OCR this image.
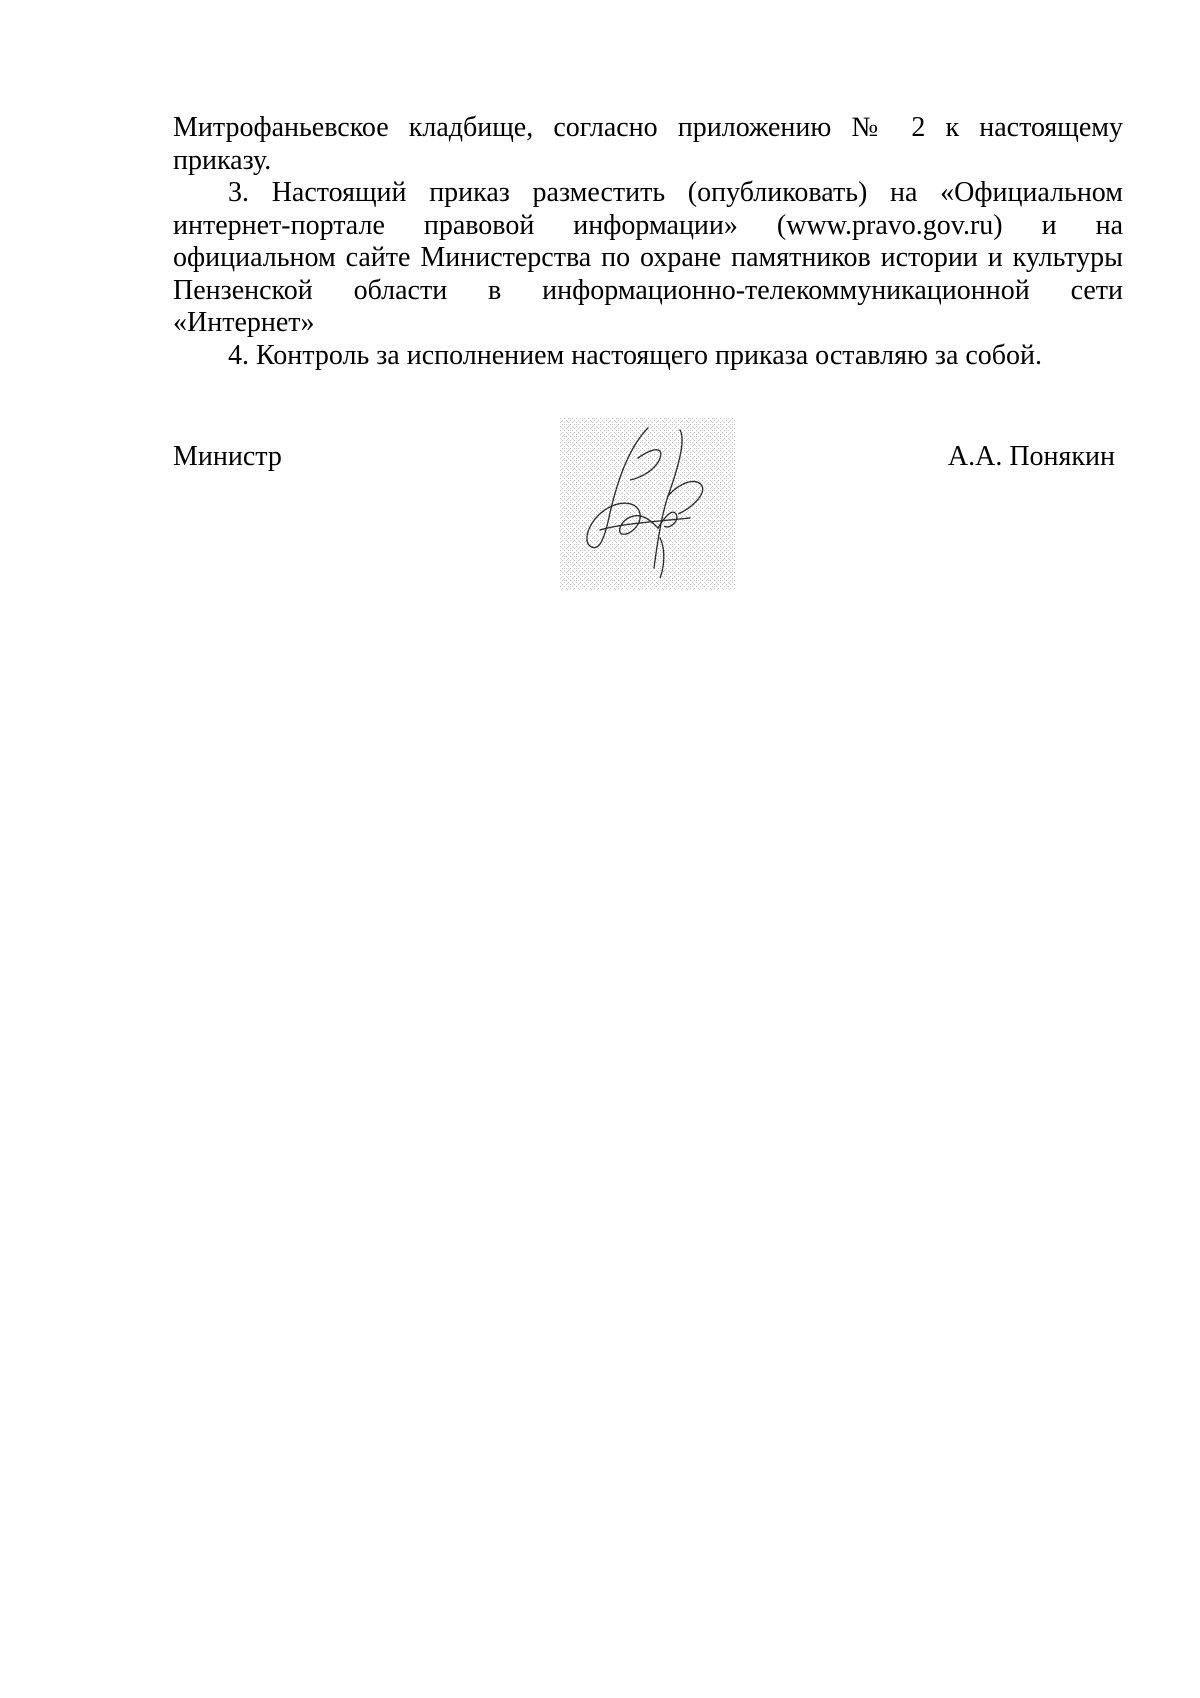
Митрофаньевское кладбище, согласно приложению № 2 к настоящему приказу.

3. Настоящий приказ разместить (опубликовать) на «Официальном интернет-портале правовой информации» (www.pravo.gov.ru) и на официальном сайте Министерства по охране памятников истории и культуры Пензенской области в информационно-телекоммуникационной сети «Интернет»

4. Контроль за исполнением настоящего приказа оставляю за собой.

Министр	А.А. Понякин
